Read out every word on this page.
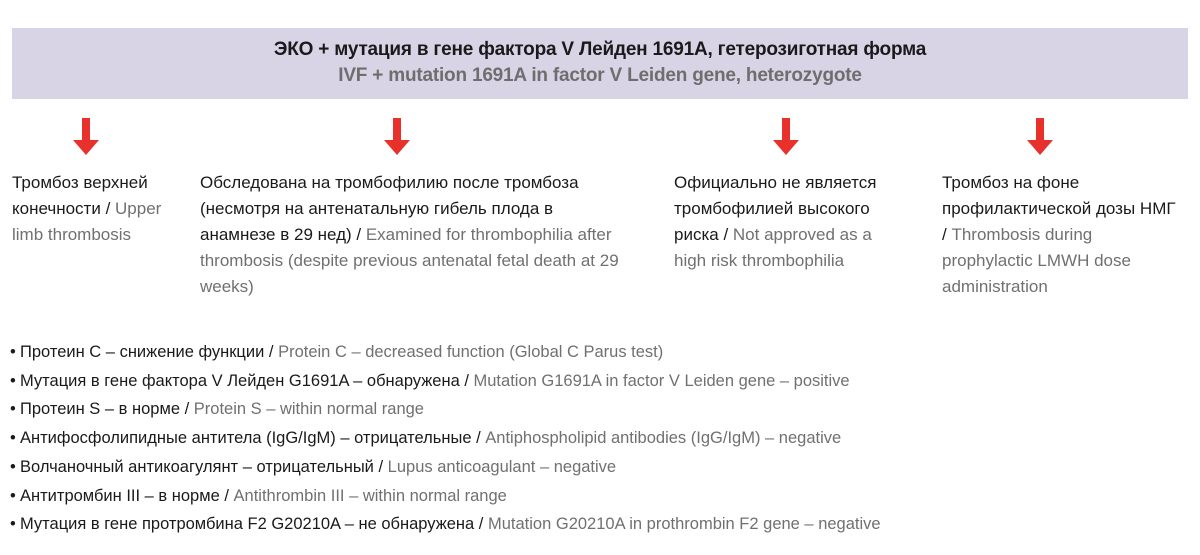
ЭКО + мутация в гене фактора V Лейден 1691A, гетерозиготная форма
IVF + mutation 1691A in factor V Leiden gene, heterozygote
Тромбоз верхней конечности / Upper limb thrombosis
Обследована на тромбофилию после тромбоза (несмотря на антенатальную гибель плода в анамнезе в 29 нед) / Examined for thrombophilia after thrombosis (despite previous antenatal fetal death at 29 weeks)
Официально не является тромбофилией высокого риска / Not approved as a high risk thrombophilia
Тромбоз на фоне профилактической дозы НМГ / Thrombosis during prophylactic LMWH dose administration
• Протеин С – снижение функции / Protein C – decreased function (Global C Parus test)
• Мутация в гене фактора V Лейден G1691A – обнаружена / Mutation G1691A in factor V Leiden gene – positive
• Протеин S – в норме / Protein S – within normal range
• Антифосфолипидные антитела (IgG/IgM) – отрицательные / Antiphospholipid antibodies (IgG/IgM) – negative
• Волчаночный антикоагулянт – отрицательный / Lupus anticoagulant – negative
• Антитромбин III – в норме / Antithrombin III – within normal range
• Мутация в гене протромбина F2 G20210A – не обнаружена / Mutation G20210A in prothrombin F2 gene – negative
